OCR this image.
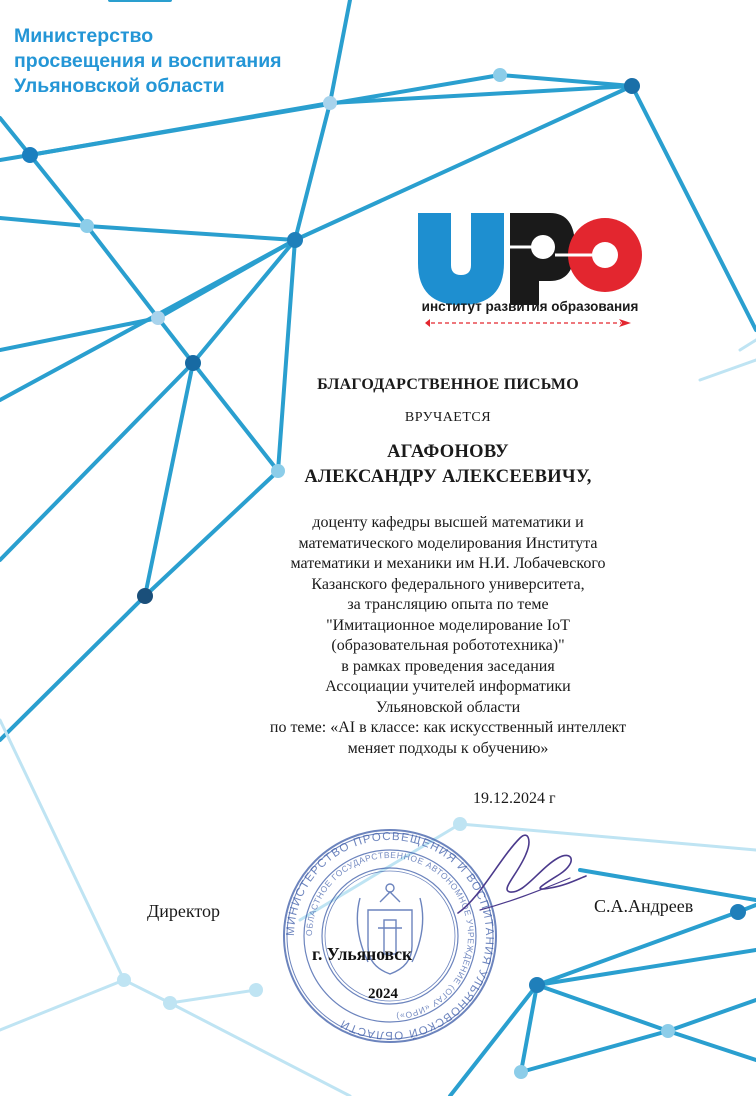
Министерство
просвещения и воспитания
Ульяновской области
институт развития образования
БЛАГОДАРСТВЕННОЕ ПИСЬМО
ВРУЧАЕТСЯ
АГАФОНОВУ
АЛЕКСАНДРУ АЛЕКСЕЕВИЧУ,
доценту кафедры высшей математики и
математического моделирования Института
математики и механики им Н.И. Лобачевского
Казанского федерального университета,
за трансляцию опыта по теме
"Имитационное моделирование IoT
(образовательная робототехника)"
в рамках проведения заседания
Ассоциации учителей информатики
Ульяновской области
по теме: «AI в классе: как искусственный интеллект
меняет подходы к обучению»
19.12.2024 г
МИНИСТЕРСТВО ПРОСВЕЩЕНИЯ И ВОСПИТАНИЯ УЛЬЯНОВСКОЙ ОБЛАСТИ
ОБЛАСТНОЕ ГОСУДАРСТВЕННОЕ АВТОНОМНОЕ УЧРЕЖДЕНИЕ (ОГАУ «ИРО»)
Директор	С.А.Андреев
г. Ульяновск
2024
